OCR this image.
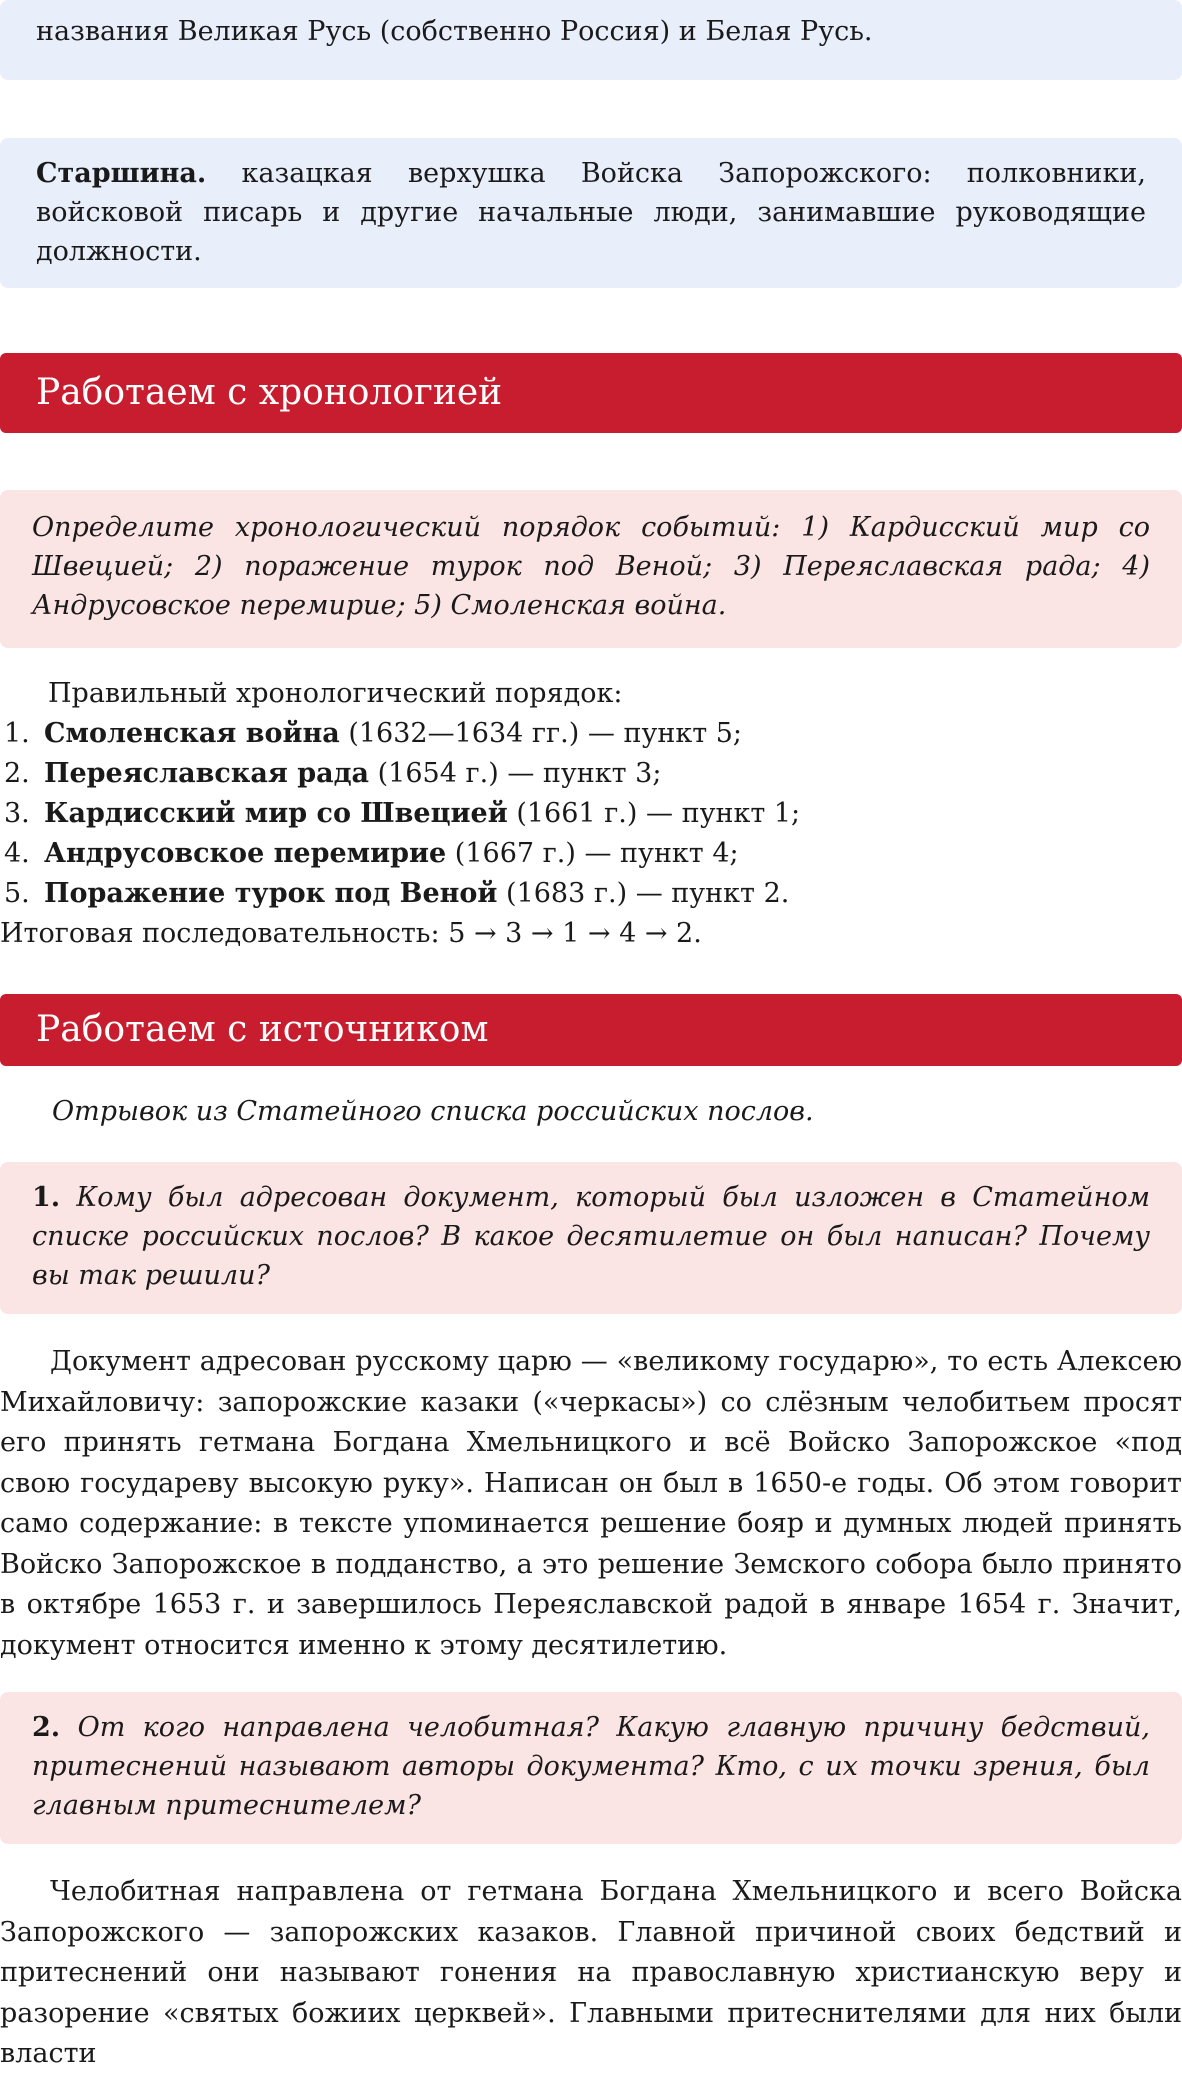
названия Великая Русь (собственно Россия) и Белая Русь.
Старшина. казацкая верхушка Войска Запорожского: полковники, войсковой писарь и другие начальные люди, занимавшие руководящие должности.
Работаем с хронологией
Определите хронологический порядок событий: 1) Кардисский мир со Швецией; 2) поражение турок под Веной; 3) Переяславская рада; 4) Андрусовское перемирие; 5) Смоленская война.
Правильный хронологический порядок:
1. Смоленская война (1632—1634 гг.) — пункт 5;
2. Переяславская рада (1654 г.) — пункт 3;
3. Кардисский мир со Швецией (1661 г.) — пункт 1;
4. Андрусовское перемирие (1667 г.) — пункт 4;
5. Поражение турок под Веной (1683 г.) — пункт 2.
Итоговая последовательность: 5 → 3 → 1 → 4 → 2.
Работаем с источником
Отрывок из Статейного списка российских послов.
1. Кому был адресован документ, который был изложен в Статейном списке российских послов? В какое десятилетие он был написан? Почему вы так решили?
Документ адресован русскому царю — «великому государю», то есть Алексею Михайловичу: запорожские казаки («черкасы») со слёзным челобитьем просят его принять гетмана Богдана Хмельницкого и всё Войско Запорожское «под свою государеву высокую руку». Написан он был в 1650-е годы. Об этом говорит само содержание: в тексте упоминается решение бояр и думных людей принять Войско Запорожское в подданство, а это решение Земского собора было принято в октябре 1653 г. и завершилось Переяславской радой в январе 1654 г. Значит, документ относится именно к этому десятилетию.
2. От кого направлена челобитная? Какую главную причину бедствий, притеснений называют авторы документа? Кто, с их точки зрения, был главным притеснителем?
Челобитная направлена от гетмана Богдана Хмельницкого и всего Войска Запорожского — запорожских казаков. Главной причиной своих бедствий и притеснений они называют гонения на православную христианскую веру и разорение «святых божиих церквей». Главными притеснителями для них были власти
